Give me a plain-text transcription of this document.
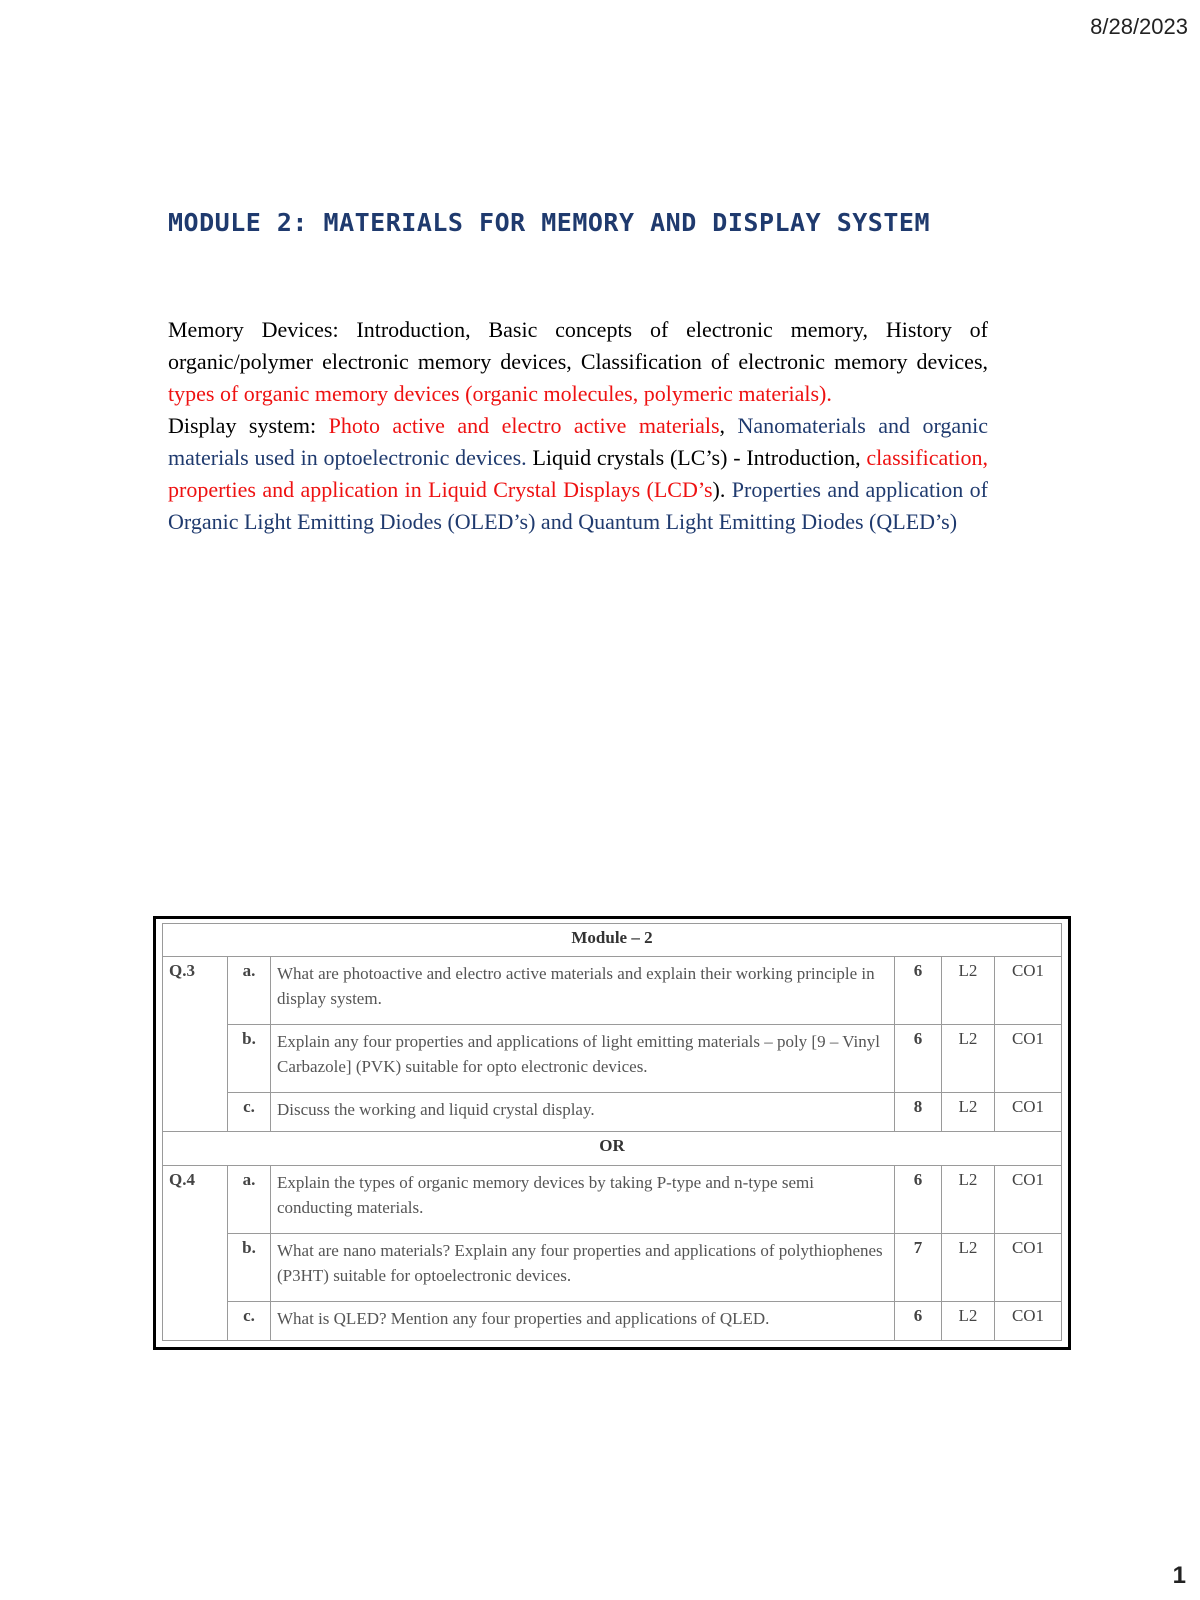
8/28/2023
MODULE 2: MATERIALS FOR MEMORY AND DISPLAY SYSTEM
Memory Devices: Introduction, Basic concepts of electronic memory, History of organic/polymer electronic memory devices, Classification of electronic memory devices, types of organic memory devices (organic molecules, polymeric materials).
Display system: Photo active and electro active materials, Nanomaterials and organic materials used in optoelectronic devices. Liquid crystals (LC’s) - Introduction, classification, properties and application in Liquid Crystal Displays (LCD’s). Properties and application of Organic Light Emitting Diodes (OLED’s) and Quantum Light Emitting Diodes (QLED’s)
Module – 2					
Q.3	a.	What are photoactive and electro active materials and explain their working principle in display system.	6	L2	CO1
	b.	Explain any four properties and applications of light emitting materials – poly [9 – Vinyl Carbazole] (PVK) suitable for opto electronic devices.	6	L2	CO1
	c.	Discuss the working and liquid crystal display.	8	L2	CO1
OR					
Q.4	a.	Explain the types of organic memory devices by taking P-type and n-type semi conducting materials.	6	L2	CO1
	b.	What are nano materials? Explain any four properties and applications of polythiophenes (P3HT) suitable for optoelectronic devices.	7	L2	CO1
	c.	What is QLED? Mention any four properties and applications of QLED.	6	L2	CO1
1
